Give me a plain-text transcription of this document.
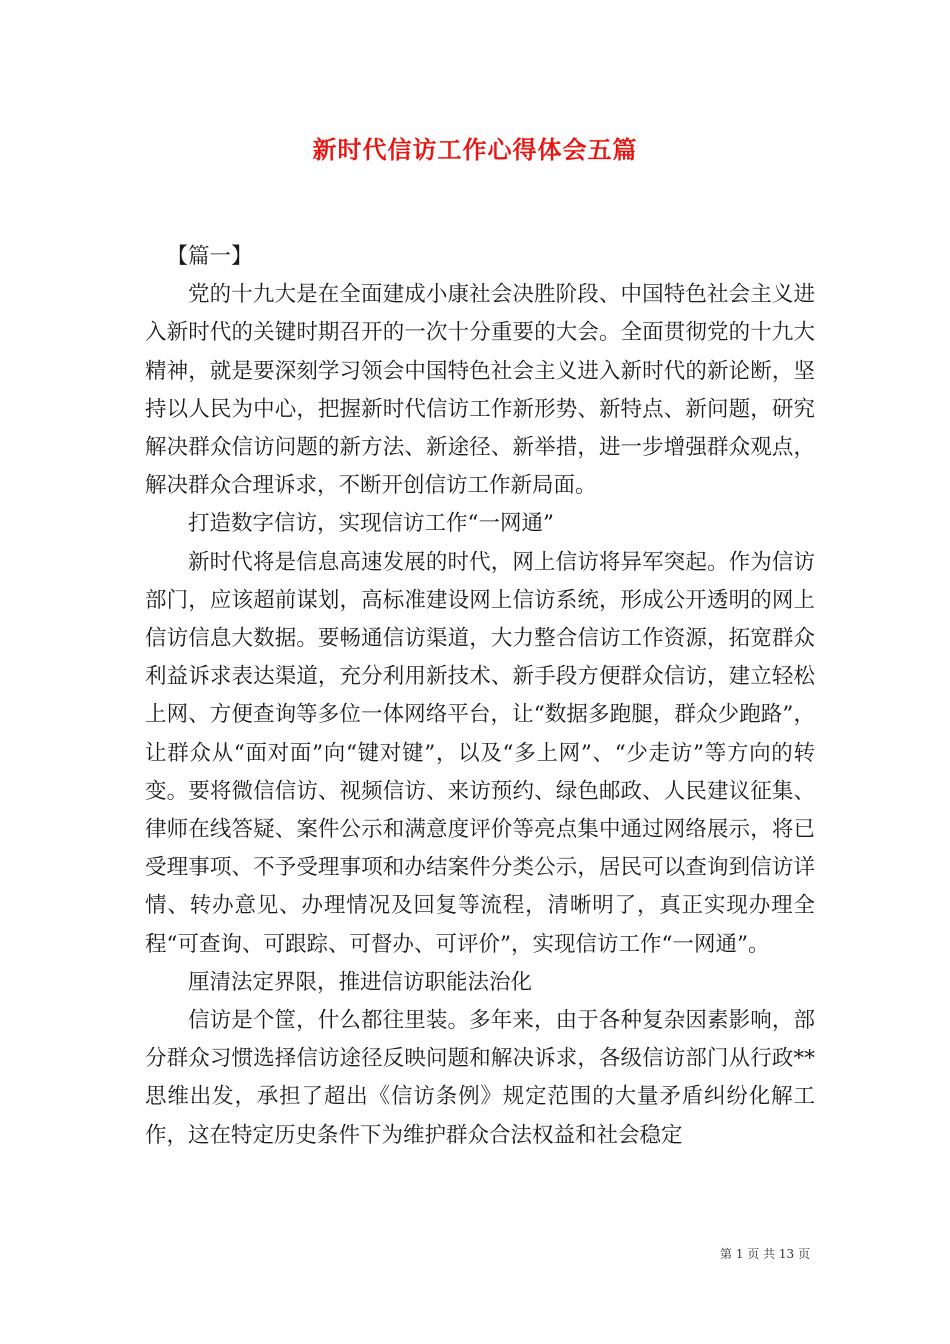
新时代信访工作心得体会五篇

【篇一】

党的十九大是在全面建成小康社会决胜阶段、中国特色社会主义进入新时代的关键时期召开的一次十分重要的大会。全面贯彻党的十九大精神，就是要深刻学习领会中国特色社会主义进入新时代的新论断，坚持以人民为中心，把握新时代信访工作新形势、新特点、新问题，研究解决群众信访问题的新方法、新途径、新举措，进一步增强群众观点，解决群众合理诉求，不断开创信访工作新局面。

打造数字信访，实现信访工作“一网通”

新时代将是信息高速发展的时代，网上信访将异军突起。作为信访部门，应该超前谋划，高标准建设网上信访系统，形成公开透明的网上信访信息大数据。要畅通信访渠道，大力整合信访工作资源，拓宽群众利益诉求表达渠道，充分利用新技术、新手段方便群众信访，建立轻松上网、方便查询等多位一体网络平台，让“数据多跑腿，群众少跑路”，让群众从“面对面”向“键对键”，以及“多上网”、“少走访”等方向的转变。要将微信信访、视频信访、来访预约、绿色邮政、人民建议征集、律师在线答疑、案件公示和满意度评价等亮点集中通过网络展示，将已受理事项、不予受理事项和办结案件分类公示，居民可以查询到信访详情、转办意见、办理情况及回复等流程，清晰明了，真正实现办理全程“可查询、可跟踪、可督办、可评价”，实现信访工作“一网通”。

厘清法定界限，推进信访职能法治化

信访是个筐，什么都往里装。多年来，由于各种复杂因素影响，部分群众习惯选择信访途径反映问题和解决诉求，各级信访部门从行政**思维出发，承担了超出《信访条例》规定范围的大量矛盾纠纷化解工作，这在特定历史条件下为维护群众合法权益和社会稳定

第 1 页 共 13 页
